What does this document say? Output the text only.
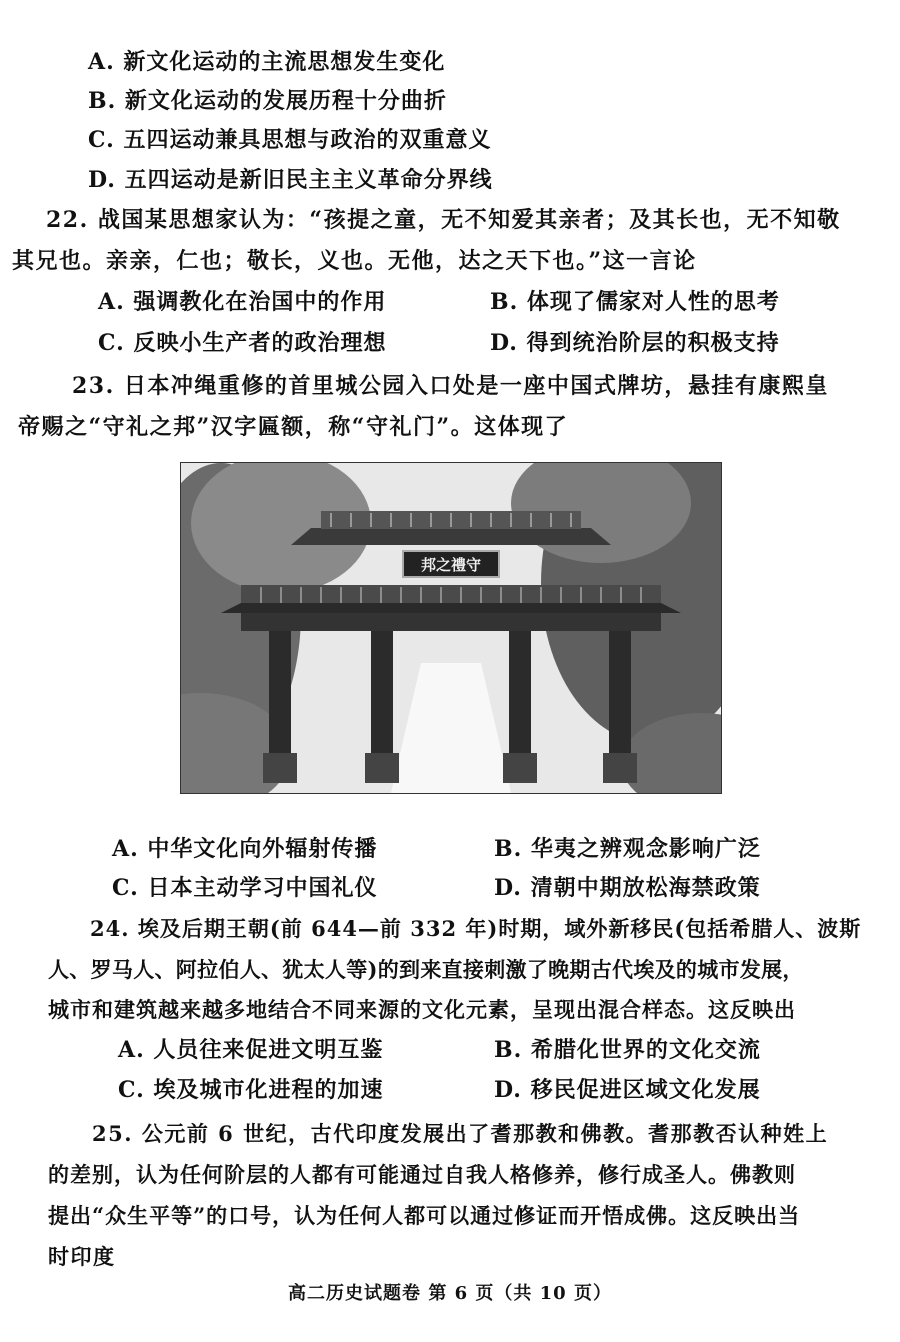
A. 新文化运动的主流思想发生变化
B. 新文化运动的发展历程十分曲折
C. 五四运动兼具思想与政治的双重意义
D. 五四运动是新旧民主主义革命分界线
22. 战国某思想家认为：“孩提之童，无不知爱其亲者；及其长也，无不知敬
其兄也。亲亲，仁也；敬长，义也。无他，达之天下也。”这一言论
A. 强调教化在治国中的作用	B. 体现了儒家对人性的思考
C. 反映小生产者的政治理想	D. 得到统治阶层的积极支持
23. 日本冲绳重修的首里城公园入口处是一座中国式牌坊，悬挂有康熙皇
帝赐之“守礼之邦”汉字匾额，称“守礼门”。这体现了
邦之禮守
A. 中华文化向外辐射传播	B. 华夷之辨观念影响广泛
C. 日本主动学习中国礼仪	D. 清朝中期放松海禁政策
24. 埃及后期王朝(前 644—前 332 年)时期，域外新移民(包括希腊人、波斯
人、罗马人、阿拉伯人、犹太人等)的到来直接刺激了晚期古代埃及的城市发展，
城市和建筑越来越多地结合不同来源的文化元素，呈现出混合样态。这反映出
A. 人员往来促进文明互鉴	B. 希腊化世界的文化交流
C. 埃及城市化进程的加速	D. 移民促进区域文化发展
25. 公元前 6 世纪，古代印度发展出了耆那教和佛教。耆那教否认种姓上
的差别，认为任何阶层的人都有可能通过自我人格修养，修行成圣人。佛教则
提出“众生平等”的口号，认为任何人都可以通过修证而开悟成佛。这反映出当
时印度
高二历史试题卷 第 6 页（共 10 页）
